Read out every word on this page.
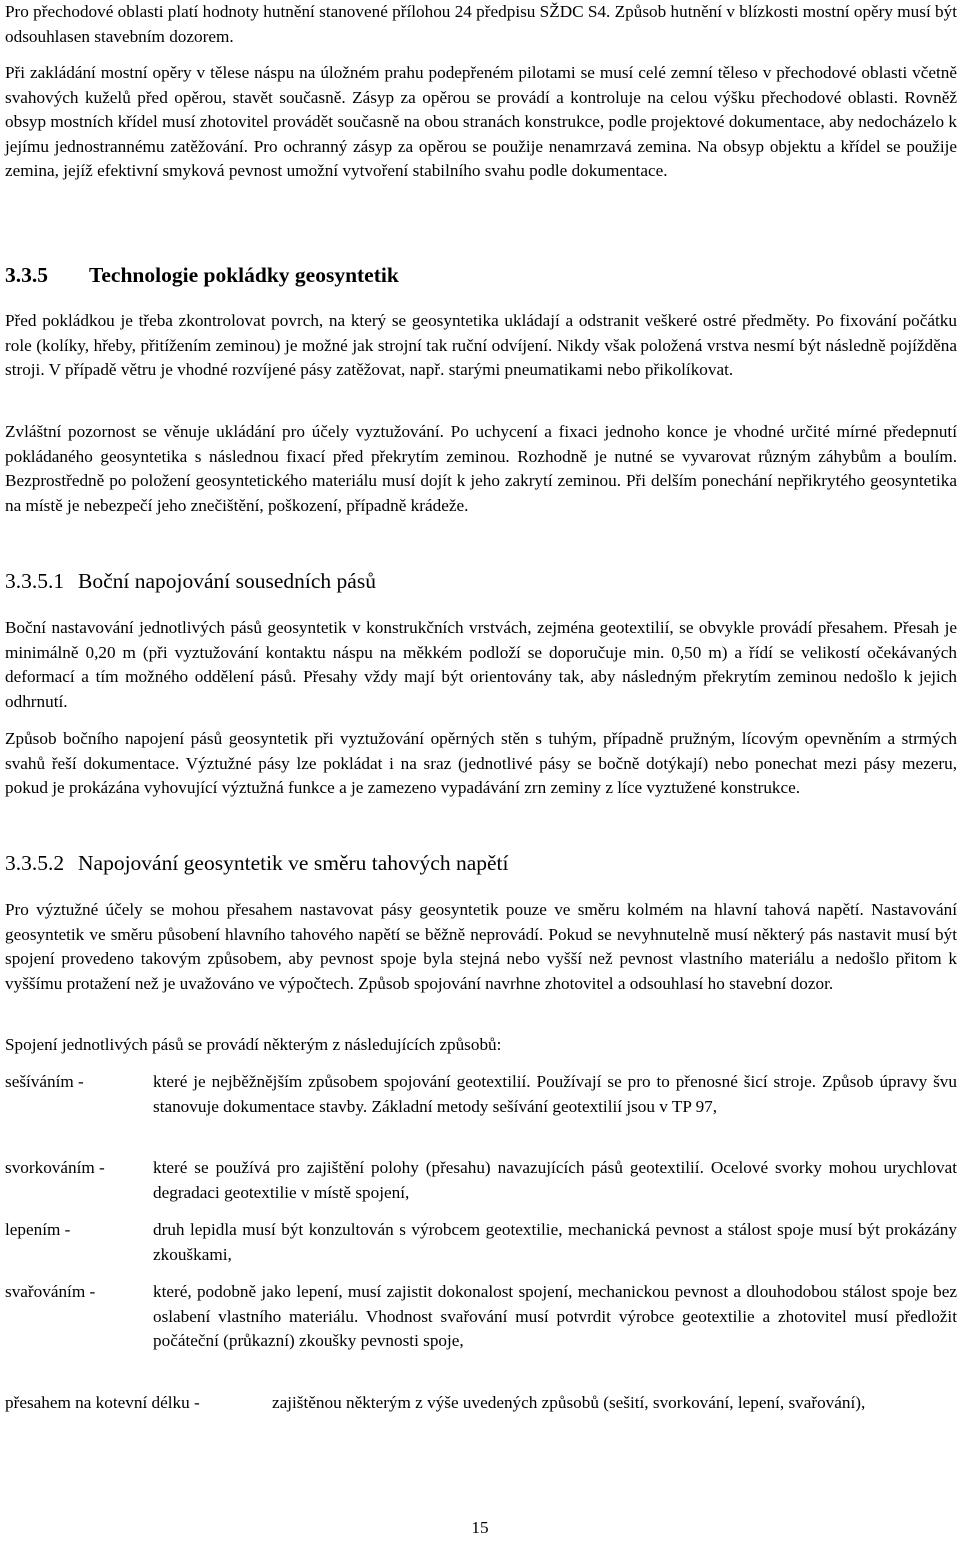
Pro přechodové oblasti platí hodnoty hutnění stanovené přílohou 24 předpisu SŽDC S4. Způsob hutnění v blízkosti mostní opěry musí být odsouhlasen stavebním dozorem.

Při zakládání mostní opěry v tělese náspu na úložném prahu podepřeném pilotami se musí celé zemní těleso v přechodové oblasti včetně svahových kuželů před opěrou, stavět současně. Zásyp za opěrou se provádí a kontroluje na celou výšku přechodové oblasti. Rovněž obsyp mostních křídel musí zhotovitel provádět současně na obou stranách konstrukce, podle projektové dokumentace, aby nedocházelo k jejímu jednostrannému zatěžování. Pro ochranný zásyp za opěrou se použije nenamrzavá zemina. Na obsyp objektu a křídel se použije zemina, jejíž efektivní smyková pevnost umožní vytvoření stabilního svahu podle dokumentace.

3.3.5 Technologie pokládky geosyntetik

Před pokládkou je třeba zkontrolovat povrch, na který se geosyntetika ukládají a odstranit veškeré ostré předměty. Po fixování počátku role (kolíky, hřeby, přitížením zeminou) je možné jak strojní tak ruční odvíjení. Nikdy však položená vrstva nesmí být následně pojížděna stroji. V případě větru je vhodné rozvíjené pásy zatěžovat, např. starými pneumatikami nebo přikolíkovat.

Zvláštní pozornost se věnuje ukládání pro účely vyztužování. Po uchycení a fixaci jednoho konce je vhodné určité mírné předepnutí pokládaného geosyntetika s následnou fixací před překrytím zeminou. Rozhodně je nutné se vyvarovat různým záhybům a boulím. Bezprostředně po položení geosyntetického materiálu musí dojít k jeho zakrytí zeminou. Při delším ponechání nepřikrytého geosyntetika na místě je nebezpečí jeho znečištění, poškození, případně krádeže.

3.3.5.1 Boční napojování sousedních pásů

Boční nastavování jednotlivých pásů geosyntetik v konstrukčních vrstvách, zejména geotextilií, se obvykle provádí přesahem. Přesah je minimálně 0,20 m (při vyztužování kontaktu náspu na měkkém podloží se doporučuje min. 0,50 m) a řídí se velikostí očekávaných deformací a tím možného oddělení pásů. Přesahy vždy mají být orientovány tak, aby následným překrytím zeminou nedošlo k jejich odhrnutí.

Způsob bočního napojení pásů geosyntetik při vyztužování opěrných stěn s tuhým, případně pružným, lícovým opevněním a strmých svahů řeší dokumentace. Výztužné pásy lze pokládat i na sraz (jednotlivé pásy se bočně dotýkají) nebo ponechat mezi pásy mezeru, pokud je prokázána vyhovující výztužná funkce a je zamezeno vypadávání zrn zeminy z líce vyztužené konstrukce.

3.3.5.2 Napojování geosyntetik ve směru tahových napětí

Pro výztužné účely se mohou přesahem nastavovat pásy geosyntetik pouze ve směru kolmém na hlavní tahová napětí. Nastavování geosyntetik ve směru působení hlavního tahového napětí se běžně neprovádí. Pokud se nevyhnutelně musí některý pás nastavit musí být spojení provedeno takovým způsobem, aby pevnost spoje byla stejná nebo vyšší než pevnost vlastního materiálu a nedošlo přitom k vyššímu protažení než je uvažováno ve výpočtech. Způsob spojování navrhne zhotovitel a odsouhlasí ho stavební dozor.

Spojení jednotlivých pásů se provádí některým z následujících způsobů:

sešíváním -	které je nejběžnějším způsobem spojování geotextilií. Používají se pro to přenosné šicí stroje. Způsob úpravy švu stanovuje dokumentace stavby. Základní metody sešívání geotextilií jsou v TP 97,
svorkováním -	které se používá pro zajištění polohy (přesahu) navazujících pásů geotextilií. Ocelové svorky mohou urychlovat degradaci geotextilie v místě spojení,
lepením -	druh lepidla musí být konzultován s výrobcem geotextilie, mechanická pevnost a stálost spoje musí být prokázány zkouškami,
svařováním -	které, podobně jako lepení, musí zajistit dokonalost spojení, mechanickou pevnost a dlouhodobou stálost spoje bez oslabení vlastního materiálu. Vhodnost svařování musí potvrdit výrobce geotextilie a zhotovitel musí předložit počáteční (průkazní) zkoušky pevnosti spoje,
přesahem na kotevní délku -	zajištěnou některým z výše uvedených způsobů (sešití, svorkování, lepení, svařování),
15
